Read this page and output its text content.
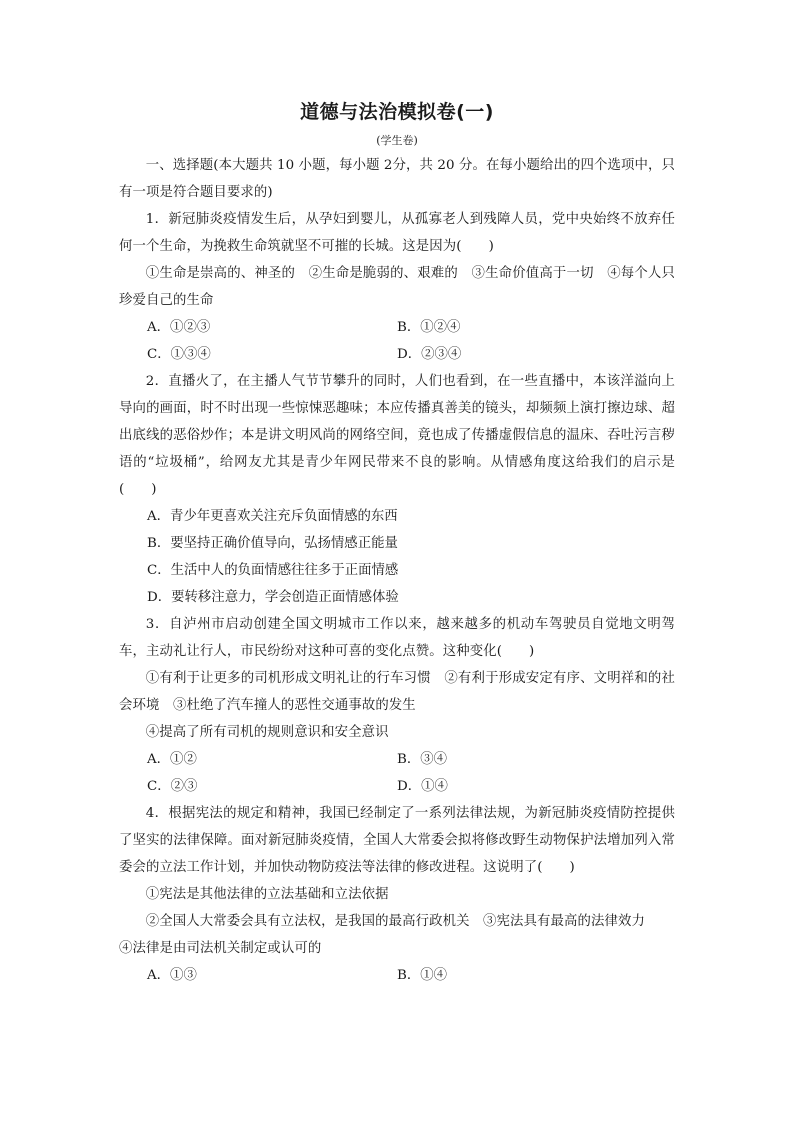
道德与法治模拟卷(一)
(学生卷)

一、选择题(本大题共 10 小题，每小题 2分，共 20 分。在每小题给出的四个选项中，只有一项是符合题目要求的)

1．新冠肺炎疫情发生后，从孕妇到婴儿，从孤寡老人到残障人员，党中央始终不放弃任何一个生命，为挽救生命筑就坚不可摧的长城。这是因为(　　)

①生命是崇高的、神圣的　②生命是脆弱的、艰难的　③生命价值高于一切　④每个人只珍爱自己的生命

A．①②③	B．①②④
C．①③④	D．②③④

2．直播火了，在主播人气节节攀升的同时，人们也看到，在一些直播中，本该洋溢向上导向的画面，时不时出现一些惊悚恶趣味；本应传播真善美的镜头，却频频上演打擦边球、超出底线的恶俗炒作；本是讲文明风尚的网络空间，竟也成了传播虚假信息的温床、吞吐污言秽语的“垃圾桶”，给网友尤其是青少年网民带来不良的影响。从情感角度这给我们的启示是(　　)

A．青少年更喜欢关注充斥负面情感的东西
B．要坚持正确价值导向，弘扬情感正能量
C．生活中人的负面情感往往多于正面情感
D．要转移注意力，学会创造正面情感体验

3．自泸州市启动创建全国文明城市工作以来，越来越多的机动车驾驶员自觉地文明驾车，主动礼让行人，市民纷纷对这种可喜的变化点赞。这种变化(　　)

①有利于让更多的司机形成文明礼让的行车习惯　②有利于形成安定有序、文明祥和的社会环境　③杜绝了汽车撞人的恶性交通事故的发生

④提高了所有司机的规则意识和安全意识

A．①②	B．③④
C．②③	D．①④

4．根据宪法的规定和精神，我国已经制定了一系列法律法规，为新冠肺炎疫情防控提供了坚实的法律保障。面对新冠肺炎疫情，全国人大常委会拟将修改野生动物保护法增加列入常委会的立法工作计划，并加快动物防疫法等法律的修改进程。这说明了(　　)

①宪法是其他法律的立法基础和立法依据

②全国人大常委会具有立法权，是我国的最高行政机关　③宪法具有最高的法律效力

④法律是由司法机关制定或认可的

A．①③	B．①④
